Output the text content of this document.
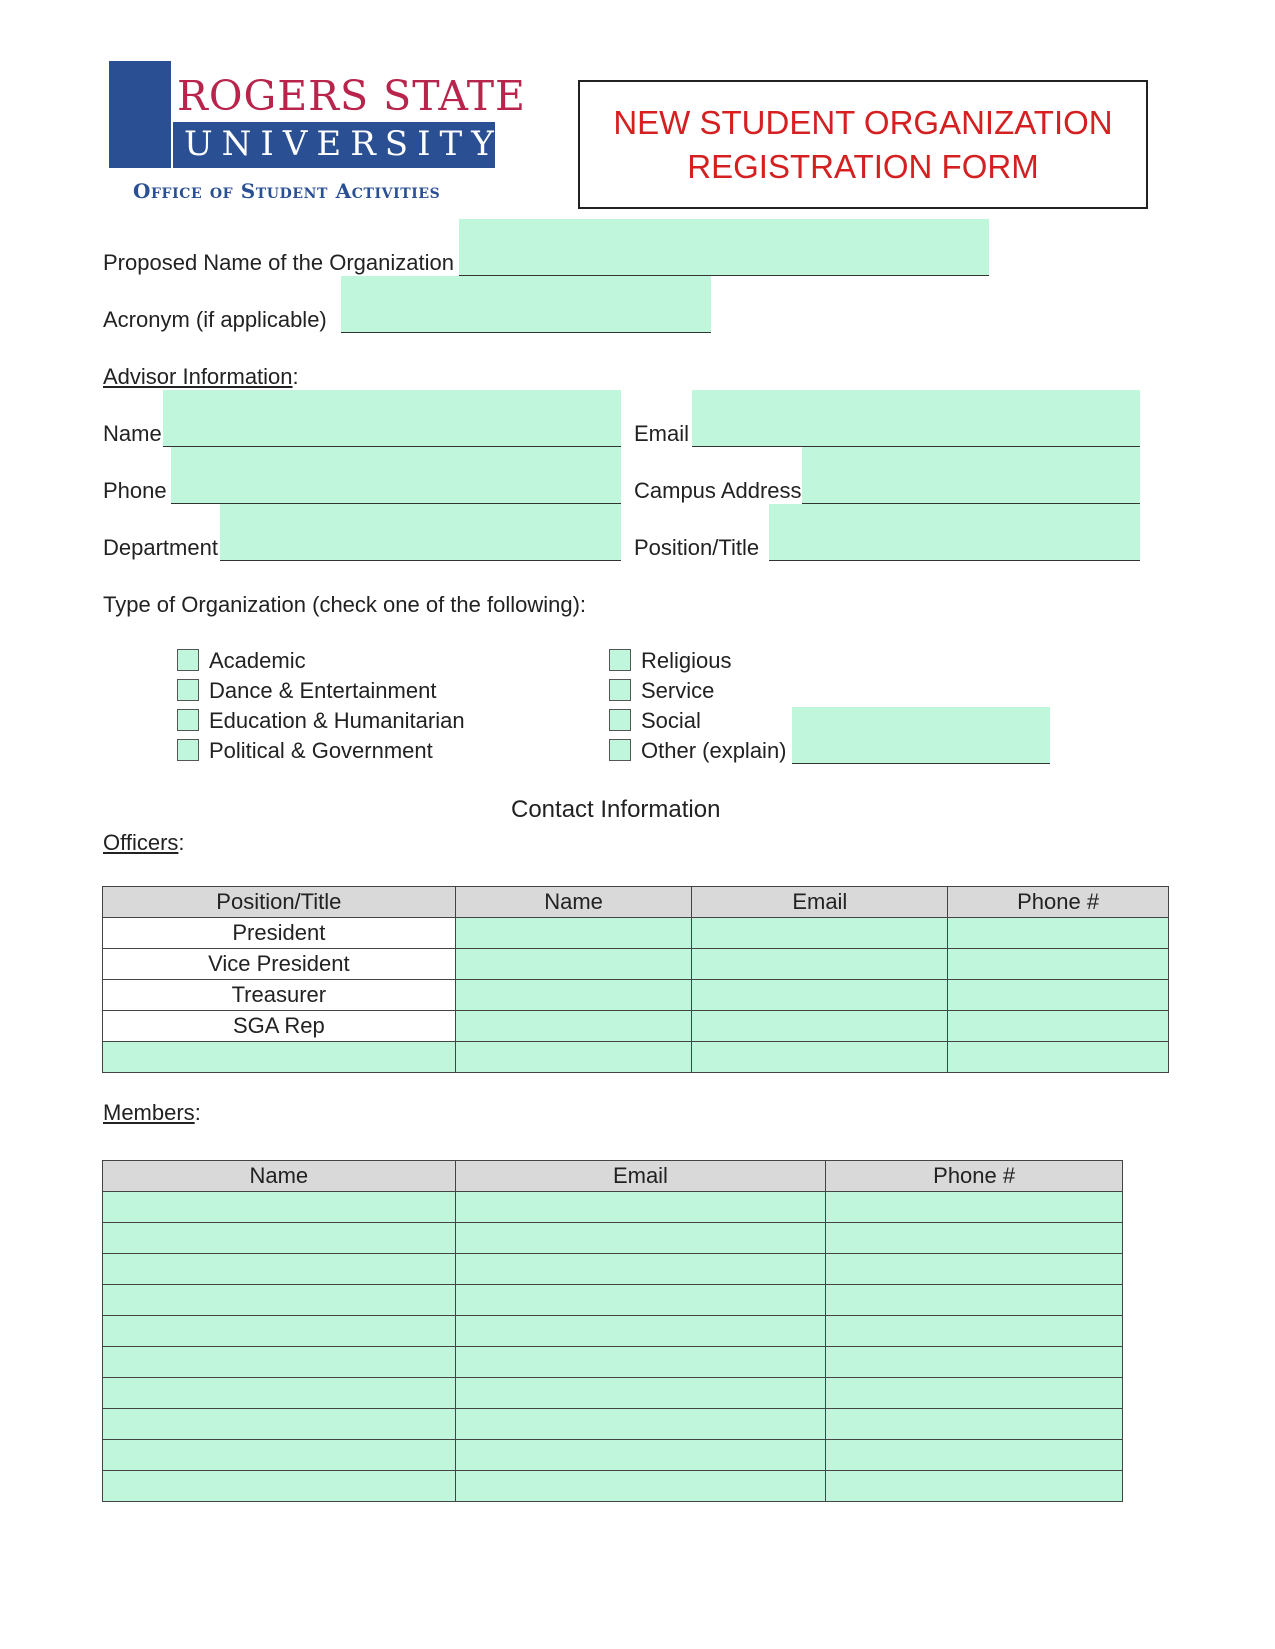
ROGERS STATE
UNIVERSITY
Office of Student Activities
NEW STUDENT ORGANIZATION
REGISTRATION FORM
Proposed Name of the Organization
Acronym (if applicable)
Advisor Information:
Name	Email
Phone	Campus Address
Department	Position/Title
Type of Organization (check one of the following):
Academic
Dance & Entertainment
Education & Humanitarian
Political & Government
Religious
Service
Social
Other (explain)
Contact Information
Officers:
Position/Title	Name	Email	Phone #
President			
Vice President			
Treasurer			
SGA Rep			

Members:
Name	Email	Phone #
